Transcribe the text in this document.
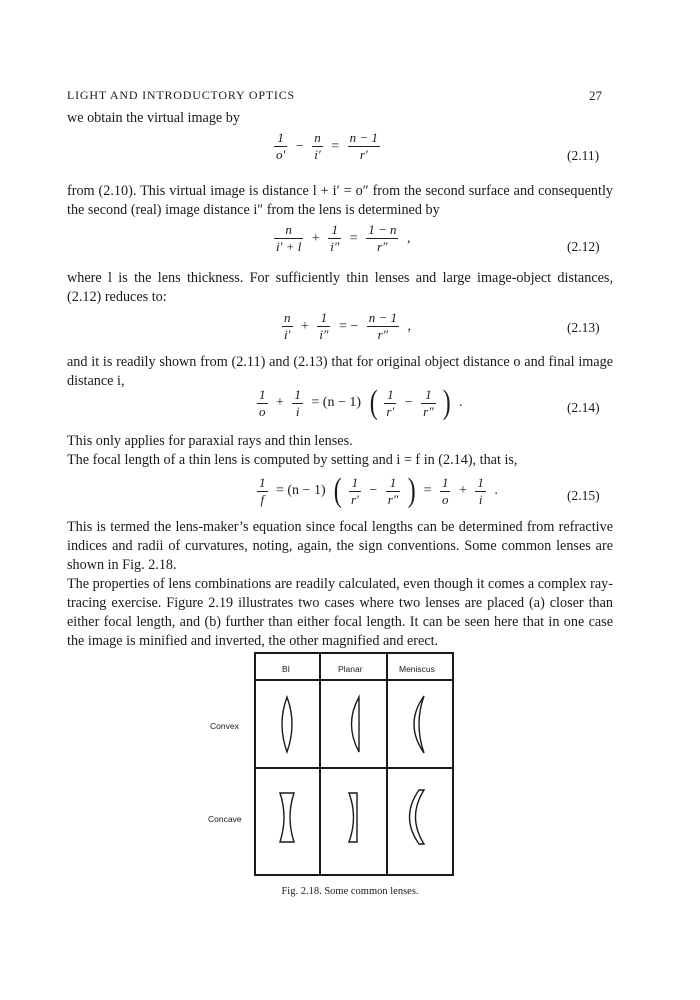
LIGHT AND INTRODUCTORY OPTICS	27
we obtain the virtual image by
$\frac{1}{o'} - \frac{n}{i'} = \frac{n - 1}{r'}$	(2.11)
from (2.10). This virtual image is distance l + i′ = o″ from the second surface and consequently the second (real) image distance i″ from the lens is determined by
$\frac{n}{i' + l} + \frac{1}{i''} = \frac{1 - n}{r''}$ ,
(2.12)
where l is the lens thickness. For sufficiently thin lenses and large image-object distances, (2.12) reduces to:
$\frac{n}{i'} + \frac{1}{i''}$ = − $\frac{n - 1}{r''}$ ,	(2.13)
and it is readily shown from (2.11) and (2.13) that for original object distance o and final image distance i,
$\frac{1}{o} + \frac{1}{i} = (n - 1)$ ( $\frac{1}{r'} - \frac{1}{r''}$ ) .	(2.14)
This only applies for paraxial rays and thin lenses.
The focal length of a thin lens is computed by setting and i = f in (2.14), that is,
$\frac{1}{f} = (n - 1)$ ( $\frac{1}{r'} - \frac{1}{r''}$ ) = $\frac{1}{o} + \frac{1}{i}$ .	(2.15)
This is termed the lens-maker’s equation since focal lengths can be determined from refractive indices and radii of curvatures, noting, again, the sign conventions. Some common lenses are shown in Fig. 2.18.
The properties of lens combinations are readily calculated, even though it comes a complex ray-tracing exercise. Figure 2.19 illustrates two cases where two lenses are placed (a) closer than either focal length, and (b) further than either focal length. It can be seen here that in one case the image is minified and inverted, the other magnified and erect.
BI	Planar	Meniscus
Convex
Concave
Fig. 2.18. Some common lenses.
